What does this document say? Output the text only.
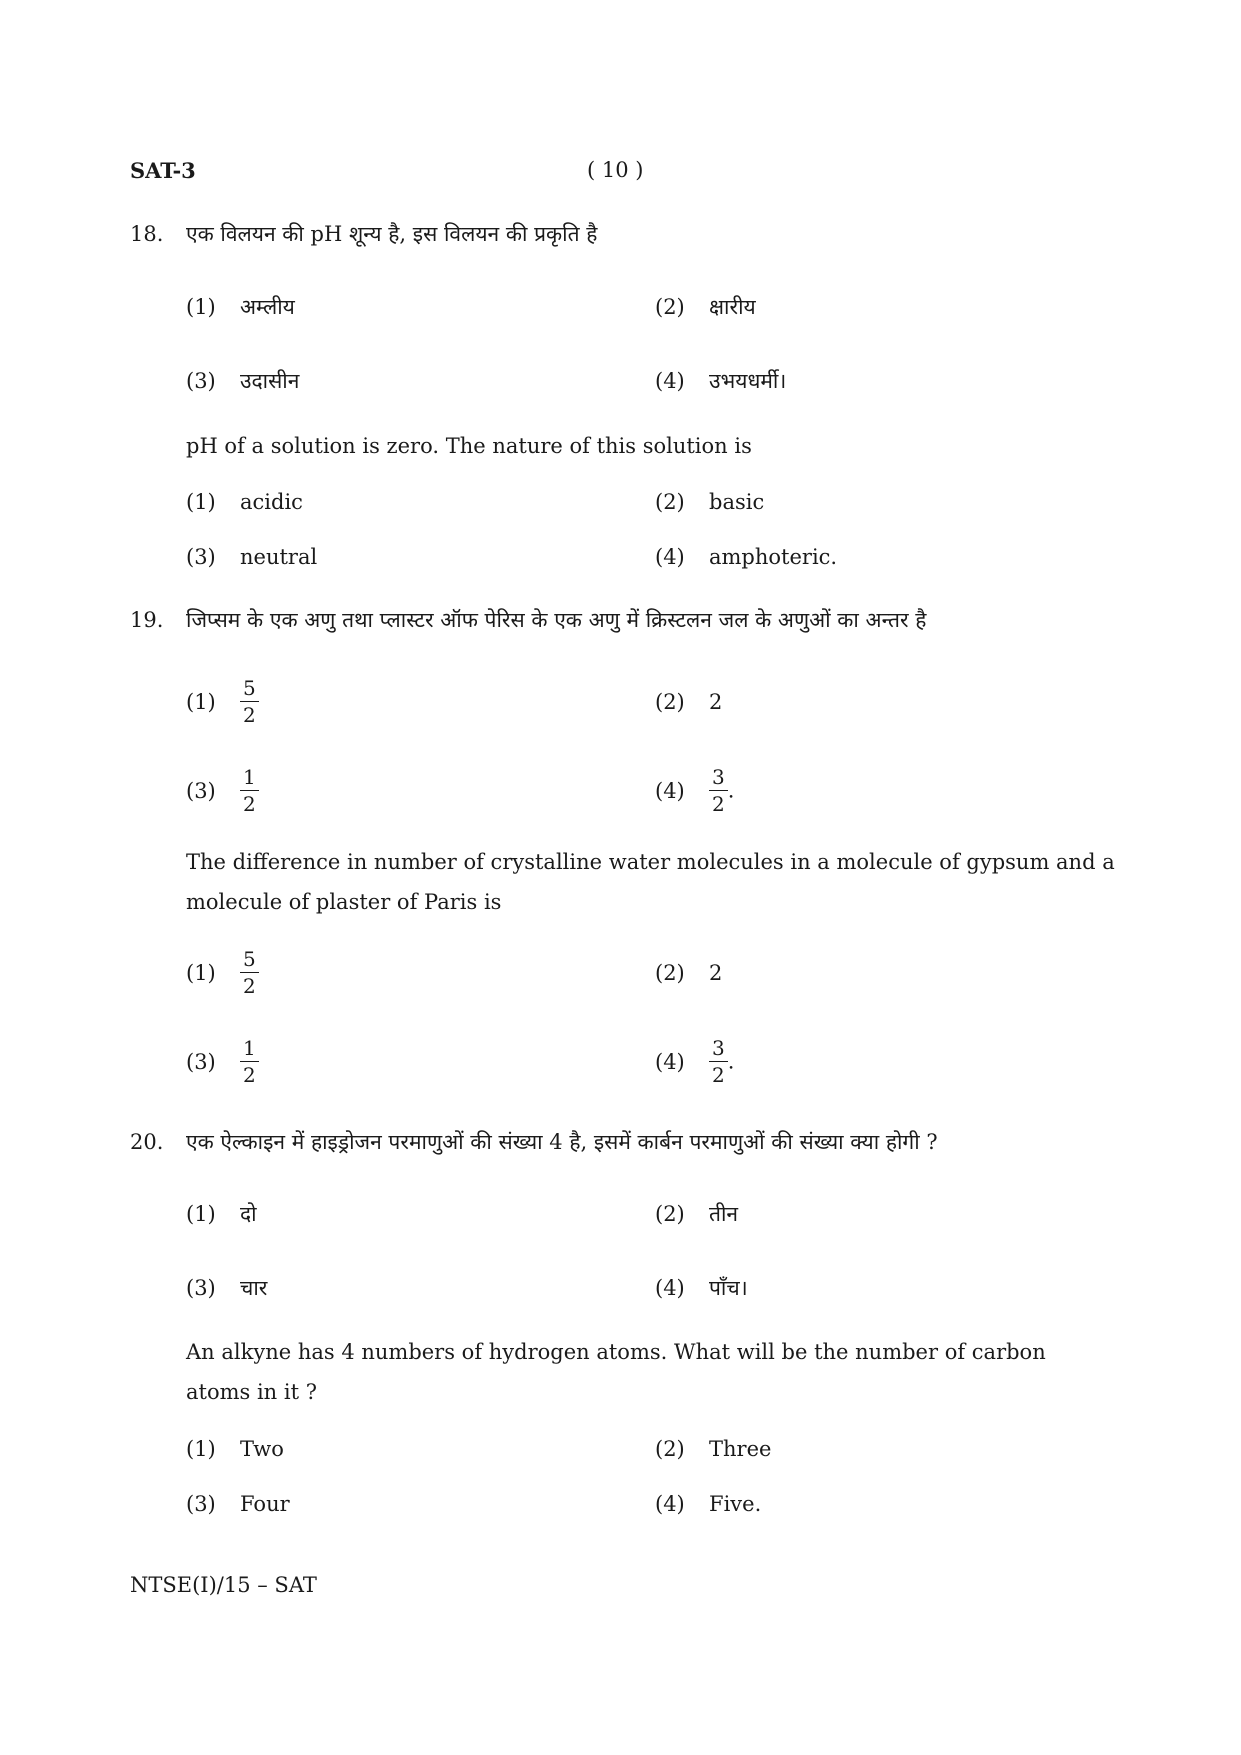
SAT-3	( 10 )
18. एक विलयन की pH शून्य है, इस विलयन की प्रकृति है
(1) अम्लीय	(2) क्षारीय
(3) उदासीन	(4) उभयधर्मी।
pH of a solution is zero. The nature of this solution is
(1) acidic	(2) basic
(3) neutral	(4) amphoteric.
19. जिप्सम के एक अणु तथा प्लास्टर ऑफ पेरिस के एक अणु में क्रिस्टलन जल के अणुओं का अन्तर है
$(1) \frac{5}{2}$	(2) 2
$(3) \frac{1}{2}$	$(4) \frac{3}{2}$ .
The difference in number of crystalline water molecules in a molecule of gypsum and a molecule of plaster of Paris is
$(1) \frac{5}{2}$	(2) 2
$(3) \frac{1}{2}$	$(4) \frac{3}{2}$ .
20. एक ऐल्काइन में हाइड्रोजन परमाणुओं की संख्या 4 है, इसमें कार्बन परमाणुओं की संख्या क्या होगी ?
(1) दो	(2) तीन
(3) चार	(4) पाँच।
An alkyne has 4 numbers of hydrogen atoms. What will be the number of carbon atoms in it ?
(1) Two	(2) Three
(3) Four	(4) Five.
NTSE(I)/15 – SAT
